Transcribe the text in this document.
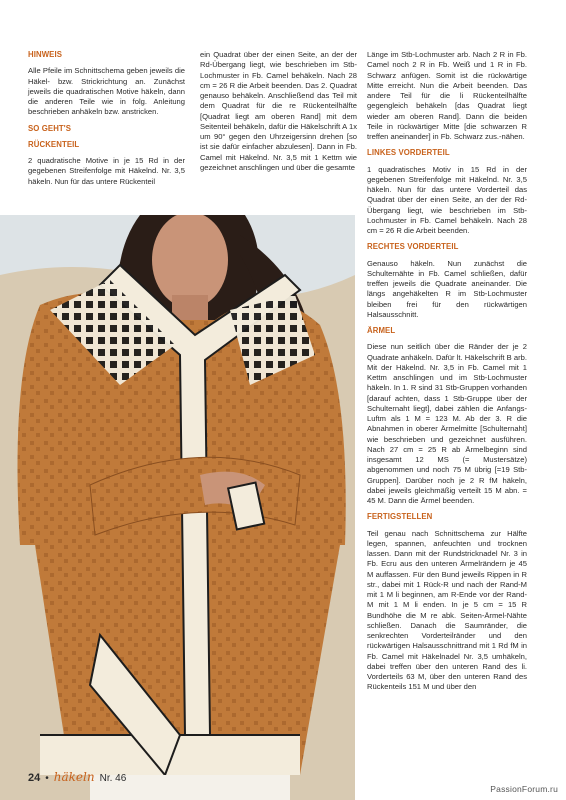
HINWEIS

Alle Pfeile im Schnittschema geben jeweils die Häkel- bzw. Strickrichtung an. Zunächst jeweils die quadratischen Motive häkeln, dann die anderen Teile wie in folg. Anleitung beschrieben anhäkeln bzw. anstricken.

SO GEHT'S

RÜCKENTEIL

2 quadratische Motive in je 15 Rd in der gegebenen Streifenfolge mit Häkelnd. Nr. 3,5 häkeln. Nun für das untere Rückenteil

ein Quadrat über der einen Seite, an der der Rd-Übergang liegt, wie beschrieben im Stb-Lochmuster in Fb. Camel behäkeln. Nach 28 cm = 26 R die Arbeit beenden. Das 2. Quadrat genauso behäkeln. Anschließend das Teil mit dem Quadrat für die re Rückenteilhälfte [Quadrat liegt am oberen Rand] mit dem Seitenteil behäkeln, dafür die Häkelschrift A 1x um 90° gegen den Uhrzeigersinn drehen [so ist sie dafür einfacher abzulesen]. Dann in Fb. Camel mit Häkelnd. Nr. 3,5 mit 1 Kettm wie gezeichnet anschlingen und über die gesamte

Länge im Stb-Lochmuster arb. Nach 2 R in Fb. Camel noch 2 R in Fb. Weiß und 1 R in Fb. Schwarz anfügen. Somit ist die rückwärtige Mitte erreicht. Nun die Arbeit beenden. Das andere Teil für die li Rückenteilhälfte gegengleich behäkeln [das Quadrat liegt wieder am oberen Rand]. Dann die beiden Teile in rückwärtiger Mitte [die schwarzen R treffen aneinander] in Fb. Schwarz zus.-nähen.

LINKES VORDERTEIL

1 quadratisches Motiv in 15 Rd in der gegebenen Streifenfolge mit Häkelnd. Nr. 3,5 häkeln. Nun für das untere Vorderteil das Quadrat über der einen Seite, an der der Rd-Übergang liegt, wie beschrieben im Stb-Lochmuster in Fb. Camel behäkeln. Nach 28 cm = 26 R die Arbeit beenden.

RECHTES VORDERTEIL

Genauso häkeln. Nun zunächst die Schulternähte in Fb. Camel schließen, dafür treffen jeweils die Quadrate aneinander. Die längs angehäkelten R im Stb-Lochmuster bleiben frei für den rückwärtigen Halsausschnitt.

ÄRMEL

Diese nun seitlich über die Ränder der je 2 Quadrate anhäkeln. Dafür lt. Häkelschrift B arb. Mit der Häkelnd. Nr. 3,5 in Fb. Camel mit 1 Kettm anschlingen und im Stb-Lochmuster häkeln. In 1. R sind 31 Stb-Gruppen vorhanden [darauf achten, dass 1 Stb-Gruppe über der Schulternaht liegt], dabei zählen die Anfangs-Luftm als 1 M = 123 M. Ab der 3. R die Abnahmen in oberer Ärmelmitte [Schulternaht] wie beschrieben und gezeichnet ausführen. Nach 27 cm = 25 R ab Ärmelbeginn sind insgesamt 12 MS (= Mustersätze) abgenommen und noch 75 M übrig [=19 Stb-Gruppen]. Darüber noch je 2 R fM häkeln, dabei jeweils gleichmäßig verteilt 15 M abn. = 45 M. Dann die Ärmel beenden.

FERTIGSTELLEN

Teil genau nach Schnittschema zur Hälfte legen, spannen, anfeuchten und trocknen lassen. Dann mit der Rundstricknadel Nr. 3 in Fb. Ecru aus den unteren Ärmelrändern je 45 M auffassen. Für den Bund jeweils Rippen in R str., dabei mit 1 Rück-R und nach der Rand-M mit 1 M li beginnen, am R-Ende vor der Rand-M mit 1 M li enden. In je 5 cm = 15 R Bundhöhe die M re abk. Seiten-Ärmel-Nähte schließen. Danach die Saumränder, die senkrechten Vorderteilränder und den rückwärtigen Halsausschnittrand mit 1 Rd fM in Fb. Camel mit Häkelnadel Nr. 3,5 umhäkeln, dabei treffen über den unteren Rand des li. Vorderteils 63 M, über den unteren Rand des Rückenteils 151 M und über den

24 • häkeln Nr. 46
PassionForum.ru
